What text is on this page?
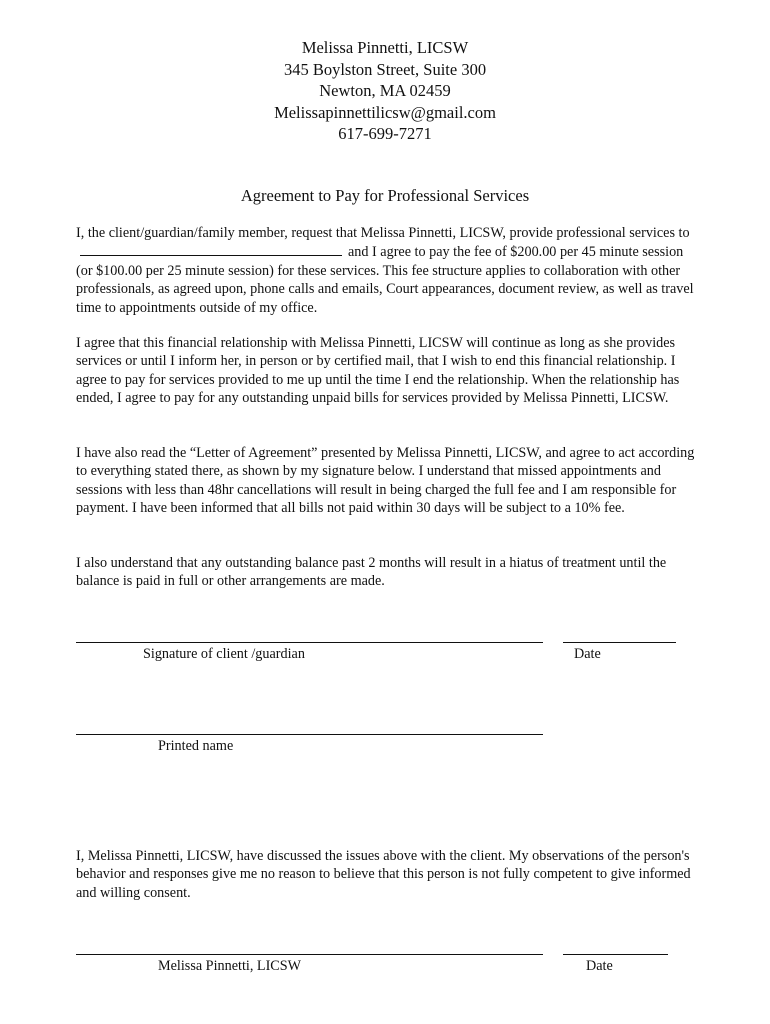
Melissa Pinnetti, LICSW
345 Boylston Street, Suite 300
Newton, MA 02459
Melissapinnettilicsw@gmail.com
617-699-7271
Agreement to Pay for Professional Services

I, the client/guardian/family member, request that Melissa Pinnetti, LICSW, provide professional services toand I agree to pay the fee of $200.00 per 45 minute session (or $100.00 per 25 minute session) for these services. This fee structure applies to collaboration with other professionals, as agreed upon, phone calls and emails, Court appearances, document review, as well as travel time to appointments outside of my office.

I agree that this financial relationship with Melissa Pinnetti, LICSW will continue as long as she provides services or until I inform her, in person or by certified mail, that I wish to end this financial relationship. I agree to pay for services provided to me up until the time I end the relationship. When the relationship has ended, I agree to pay for any outstanding unpaid bills for services provided by Melissa Pinnetti, LICSW.

I have also read the “Letter of Agreement” presented by Melissa Pinnetti, LICSW, and agree to act according to everything stated there, as shown by my signature below. I understand that missed appointments and sessions with less than 48hr cancellations will result in being charged the full fee and I am responsible for payment. I have been informed that all bills not paid within 30 days will be subject to a 10% fee.

I also understand that any outstanding balance past 2 months will result in a hiatus of treatment until the balance is paid in full or other arrangements are made.

Signature of client /guardian	Date
Printed name

I, Melissa Pinnetti, LICSW, have discussed the issues above with the client. My observations of the person's behavior and responses give me no reason to believe that this person is not fully competent to give informed and willing consent.

Melissa Pinnetti, LICSW	Date
